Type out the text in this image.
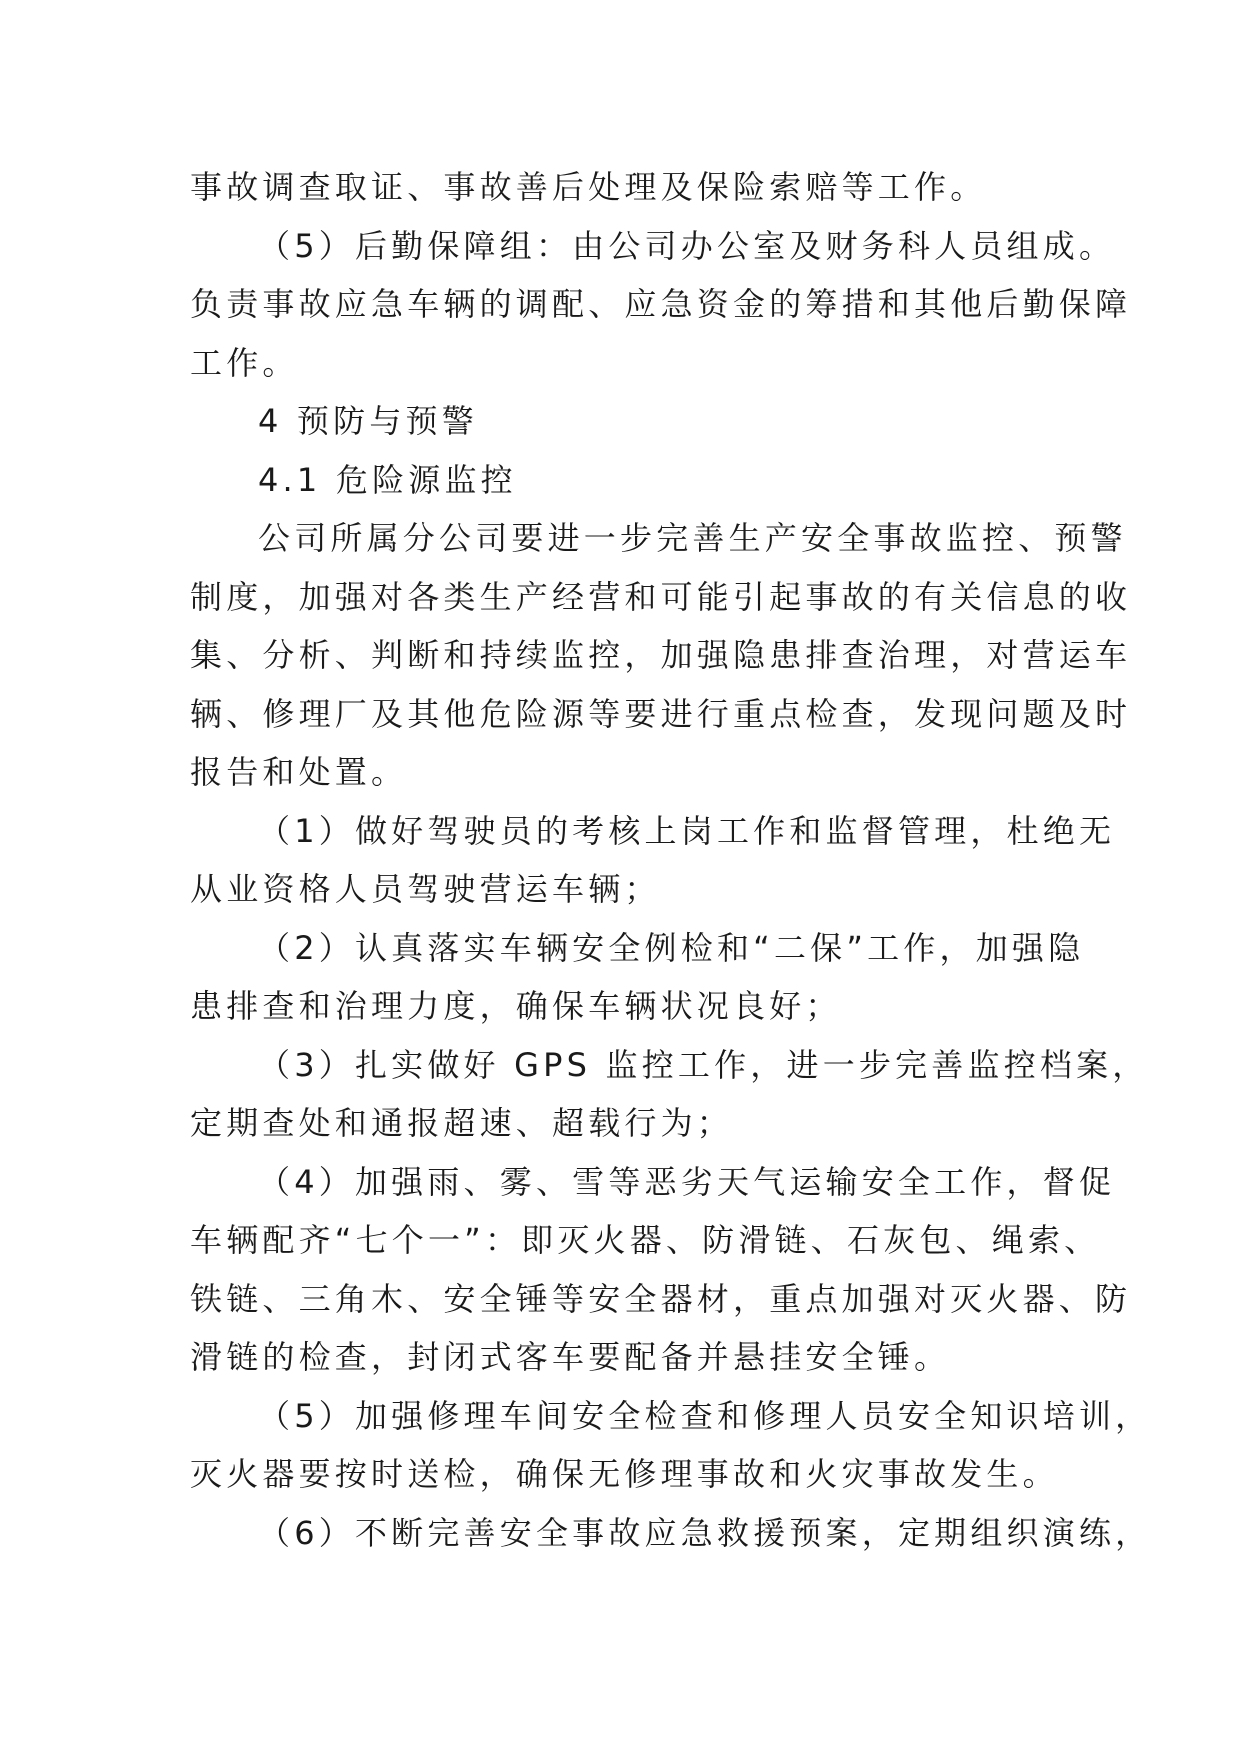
事故调查取证、事故善后处理及保险索赔等工作。
（5）后勤保障组：由公司办公室及财务科人员组成。
负责事故应急车辆的调配、应急资金的筹措和其他后勤保障
工作。
4 预防与预警
4.1 危险源监控
公司所属分公司要进一步完善生产安全事故监控、预警
制度，加强对各类生产经营和可能引起事故的有关信息的收
集、分析、判断和持续监控，加强隐患排查治理，对营运车
辆、修理厂及其他危险源等要进行重点检查，发现问题及时
报告和处置。
（1）做好驾驶员的考核上岗工作和监督管理，杜绝无
从业资格人员驾驶营运车辆；
（2）认真落实车辆安全例检和“二保”工作，加强隐
患排查和治理力度，确保车辆状况良好；
（3）扎实做好 GPS 监控工作，进一步完善监控档案，
定期查处和通报超速、超载行为；
（4）加强雨、雾、雪等恶劣天气运输安全工作，督促
车辆配齐“七个一”：即灭火器、防滑链、石灰包、绳索、
铁链、三角木、安全锤等安全器材，重点加强对灭火器、防
滑链的检查，封闭式客车要配备并悬挂安全锤。
（5）加强修理车间安全检查和修理人员安全知识培训，
灭火器要按时送检，确保无修理事故和火灾事故发生。
（6）不断完善安全事故应急救援预案，定期组织演练，
